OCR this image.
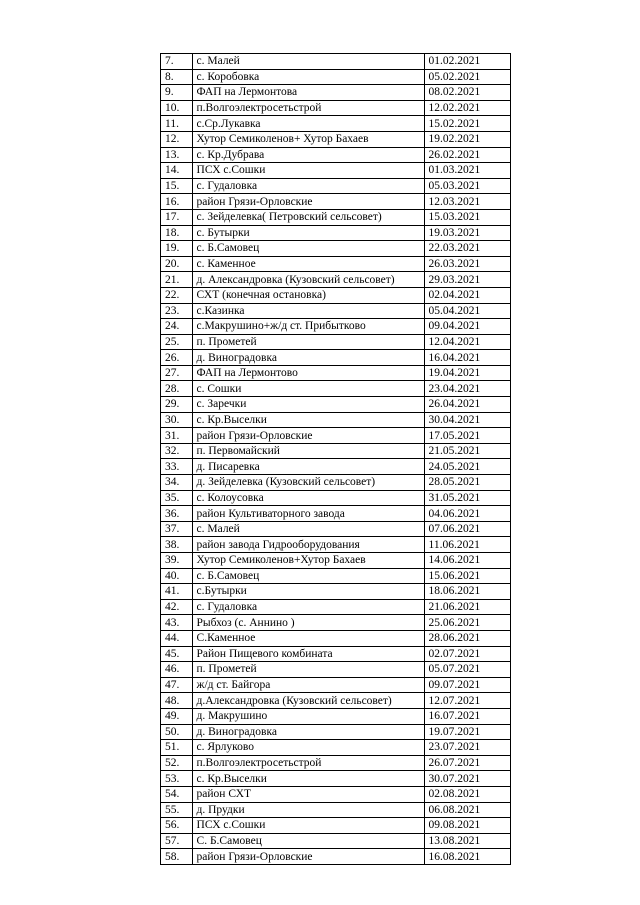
7.	с. Малей	01.02.2021
8.	с. Коробовка	05.02.2021
9.	ФАП на Лермонтова	08.02.2021
10.	п.Волгоэлектросетьстрой	12.02.2021
11.	с.Ср.Лукавка	15.02.2021
12.	Хутор Семиколенов+ Хутор Бахаев	19.02.2021
13.	с. Кр.Дубрава	26.02.2021
14.	ПСХ с.Сошки	01.03.2021
15.	с. Гудаловка	05.03.2021
16.	район Грязи-Орловские	12.03.2021
17.	с. Зейделевка( Петровский сельсовет)	15.03.2021
18.	с. Бутырки	19.03.2021
19.	с. Б.Самовец	22.03.2021
20.	с. Каменное	26.03.2021
21.	д. Александровка (Кузовский сельсовет)	29.03.2021
22.	СХТ (конечная остановка)	02.04.2021
23.	с.Казинка	05.04.2021
24.	с.Макрушино+ж/д ст. Прибытково	09.04.2021
25.	п. Прометей	12.04.2021
26.	д. Виноградовка	16.04.2021
27.	ФАП на Лермонтово	19.04.2021
28.	с. Сошки	23.04.2021
29.	с. Заречки	26.04.2021
30.	с. Кр.Выселки	30.04.2021
31.	район Грязи-Орловские	17.05.2021
32.	п. Первомайский	21.05.2021
33.	д. Писаревка	24.05.2021
34.	д. Зейделевка (Кузовский сельсовет)	28.05.2021
35.	с. Колоусовка	31.05.2021
36.	район Культиваторного завода	04.06.2021
37.	с. Малей	07.06.2021
38.	район завода Гидрооборудования	11.06.2021
39.	Хутор Семиколенов+Хутор Бахаев	14.06.2021
40.	с. Б.Самовец	15.06.2021
41.	с.Бутырки	18.06.2021
42.	с. Гудаловка	21.06.2021
43.	Рыбхоз (с. Аннино )	25.06.2021
44.	С.Каменное	28.06.2021
45.	Район Пищевого комбината	02.07.2021
46.	п. Прометей	05.07.2021
47.	ж/д ст. Байгора	09.07.2021
48.	д.Александровка (Кузовский сельсовет)	12.07.2021
49.	д. Макрушино	16.07.2021
50.	д. Виноградовка	19.07.2021
51.	с. Ярлуково	23.07.2021
52.	п.Волгоэлектросетьстрой	26.07.2021
53.	с. Кр.Выселки	30.07.2021
54.	район СХТ	02.08.2021
55.	д. Прудки	06.08.2021
56.	ПСХ с.Сошки	09.08.2021
57.	С. Б.Самовец	13.08.2021
58.	район Грязи-Орловские	16.08.2021
